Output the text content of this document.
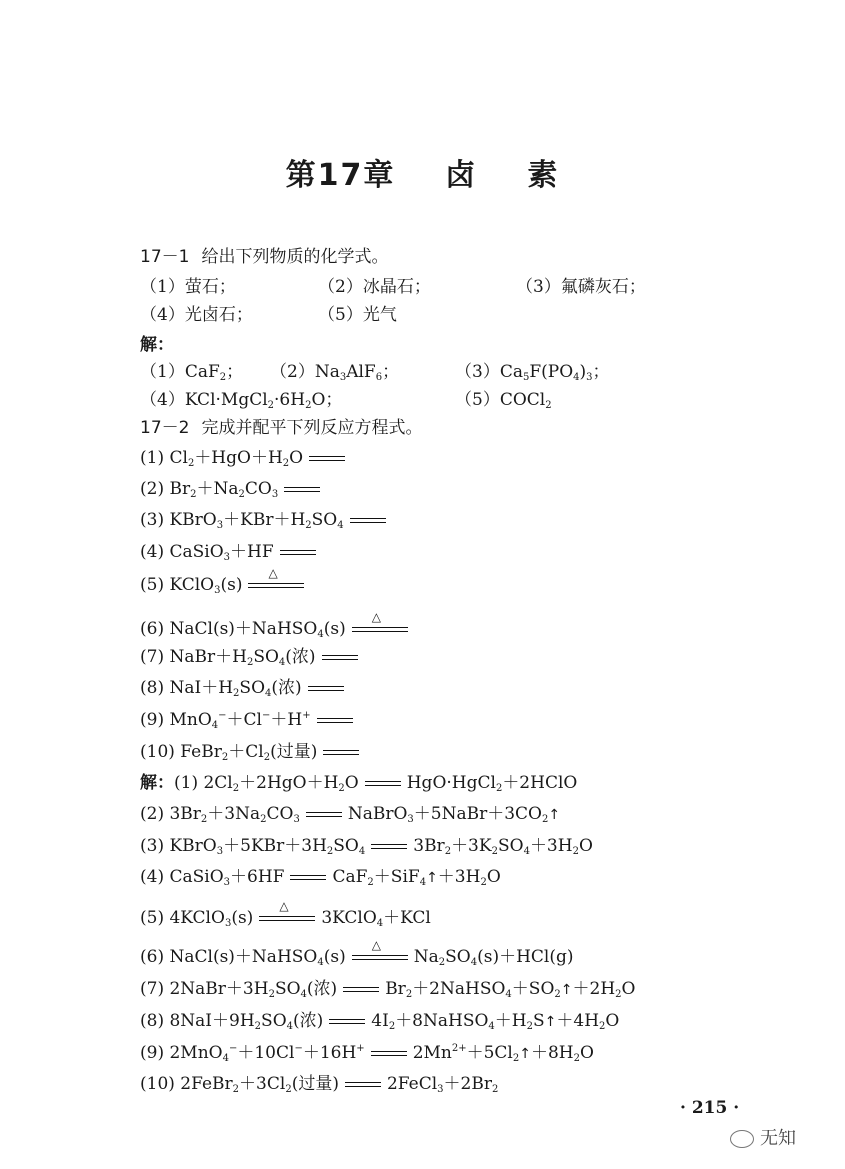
第17章 卤 素
17－1 给出下列物质的化学式。
（1）萤石；	（2）冰晶石；	（3）氟磷灰石；
（4）光卤石；	（5）光气
解：
（1）CaF$_2$； $(2)Na_3AlF_6$；	$(3)Ca_5F(PO_4)_3$；
$(4)KCl\cdot MgCl_2\cdot 6H_2O$；	（5）COCl$_2$
17－2 完成并配平下列反应方程式。
(1) $Cl_2+HgO+H_2O$
(2) $Br_2+Na_2CO_3$
(3) $KBrO_3+KBr+H_2SO_4$
(4) CaSiO$_3$＋HF
(5) KClO$_3$(s)
△
(6) NaCl(s)＋NaHSO$_4$(s)
△
(7) $NaBr+H_2SO_4$(浓)
(8) $NaI+H_2SO_4$(浓)
(9) MnO$_4$−＋Cl−＋H+
(10) $FeBr_2+Cl_2$(过量)
解：(1) $2Cl_2+2HgO+H_2O$	HgO·HgCl$_2$＋2HClO
(2) $3Br_2+3Na_2CO_3$	$NaBrO_3+5NaBr+3CO_2↑$
(3) $KBrO_3+5KBr+3H_2SO_4$	$3Br_2+3K_2SO_4+3H_2O$
(4) CaSiO$_3$＋6HF	$CaF_2+SiF_4↑+3H_2O$
(5) 4KClO$_3$(s)
△
3KClO$_4$＋KCl
(6) NaCl(s)＋NaHSO$_4$(s)
△
$Na_2SO_4(s)+HCl(g)$
(7) $2NaBr+3H_2SO_4$(浓)	$Br_2+2NaHSO_4+SO_2↑+2H_2O$
(8) $8NaI+9H_2SO_4$(浓)	$4I_2+8NaHSO_4+H_2S↑+4H_2O$
(9) 2MnO$_4$−＋10Cl−＋16H+	$2Mn^{2+}+5Cl_2↑+8H_2O$
(10) $2FeBr_2+3Cl_2$(过量)	$2FeCl_3+2Br_2$
· 215 ·
无知
